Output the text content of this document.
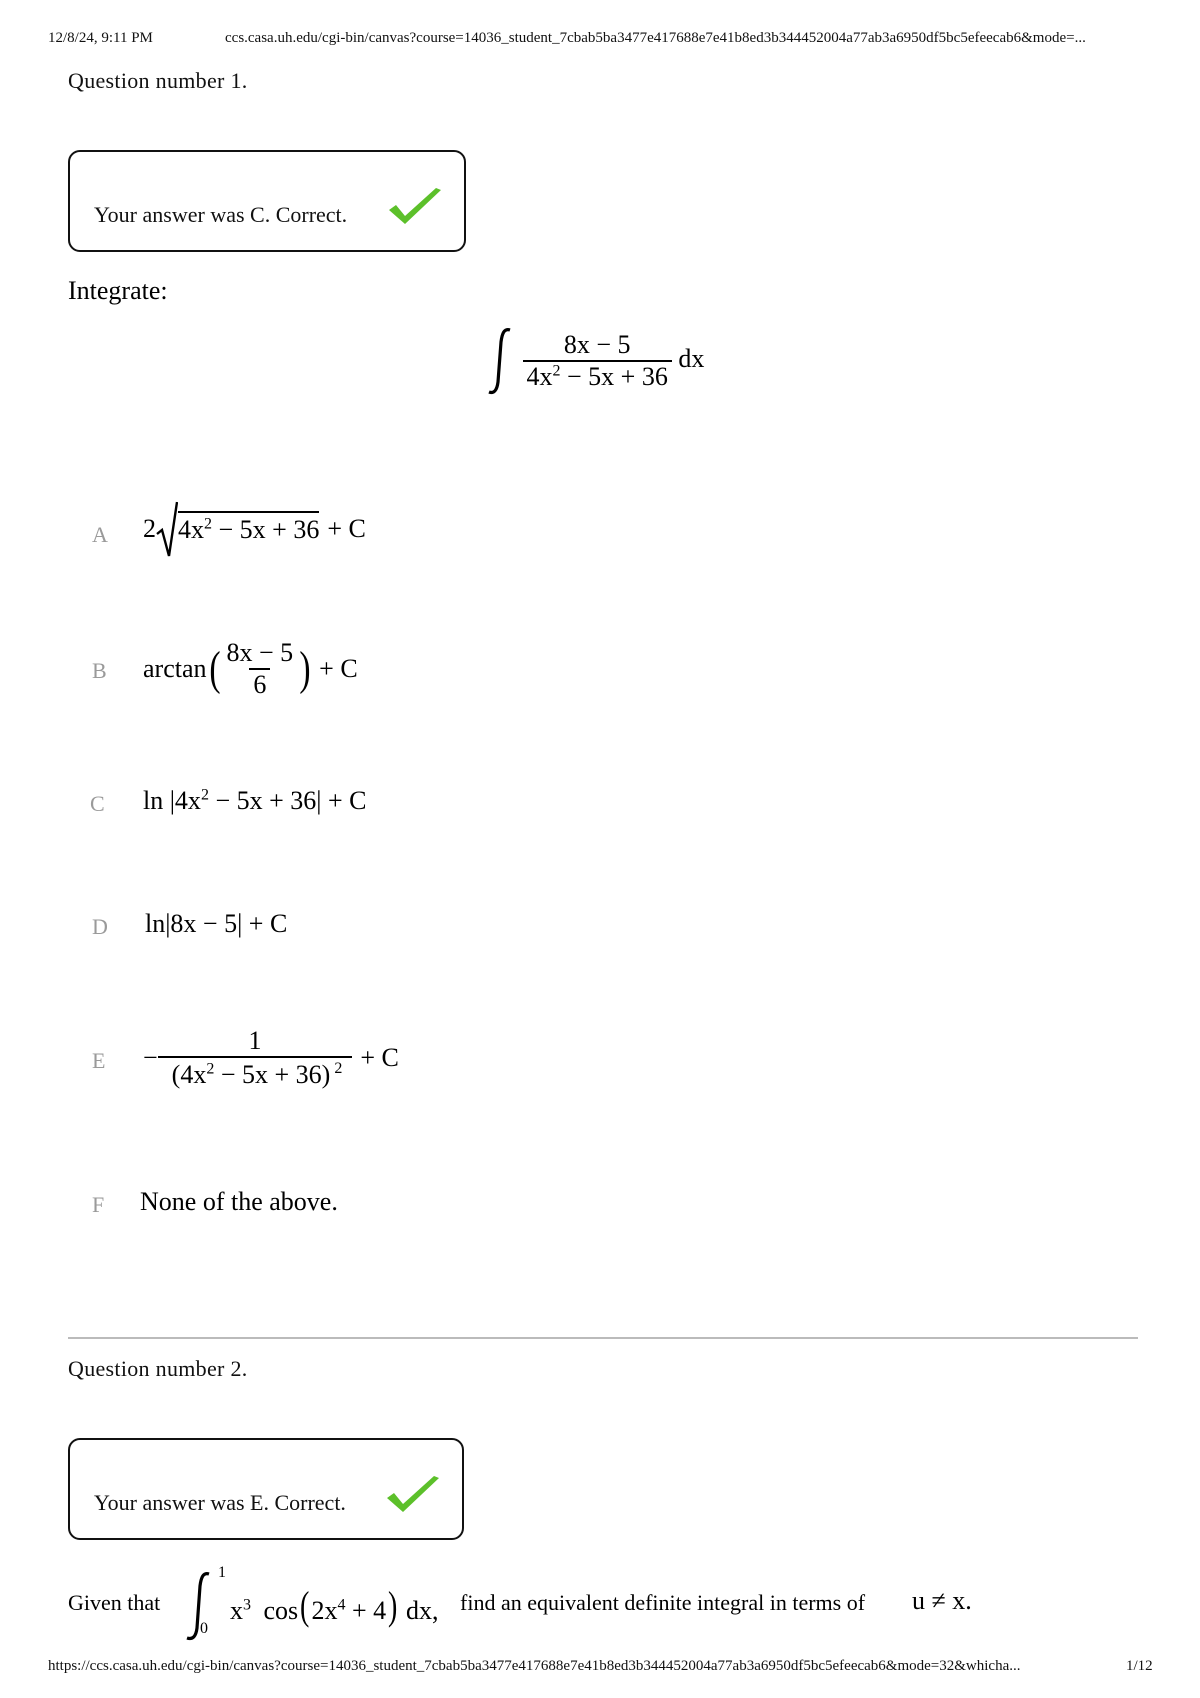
12/8/24, 9:11 PM	ccs.casa.uh.edu/cgi-bin/canvas?course=14036_student_7cbab5ba3477e417688e7e41b8ed3b344452004a77ab3a6950df5bc5efeecab6&mode=...
Question number 1.
Your answer was C. Correct.
Integrate:

$\frac{8x - 5}{4x^2 - 5x + 36}$ dx
A 2 $4x^2 - 5x + 36 + C$
B arctan ( $\frac{8x - 5}{6}$ ) + C
C $\ln |4x^2 - 5x + 36| + C$
D ln|8x − 5| + C
$E - \frac{1}{(4x^2 - 5x + 36) ^2} + C$
F None of the above.
Question number 2.
Your answer was E. Correct.
Given that
1
0
$x^3$ $\cos(2x^4 + 4)$ dx, find an equivalent definite integral in terms of u ≠ x.
https://ccs.casa.uh.edu/cgi-bin/canvas?course=14036_student_7cbab5ba3477e417688e7e41b8ed3b344452004a77ab3a6950df5bc5efeecab6&mode=32&whicha...	1/12
